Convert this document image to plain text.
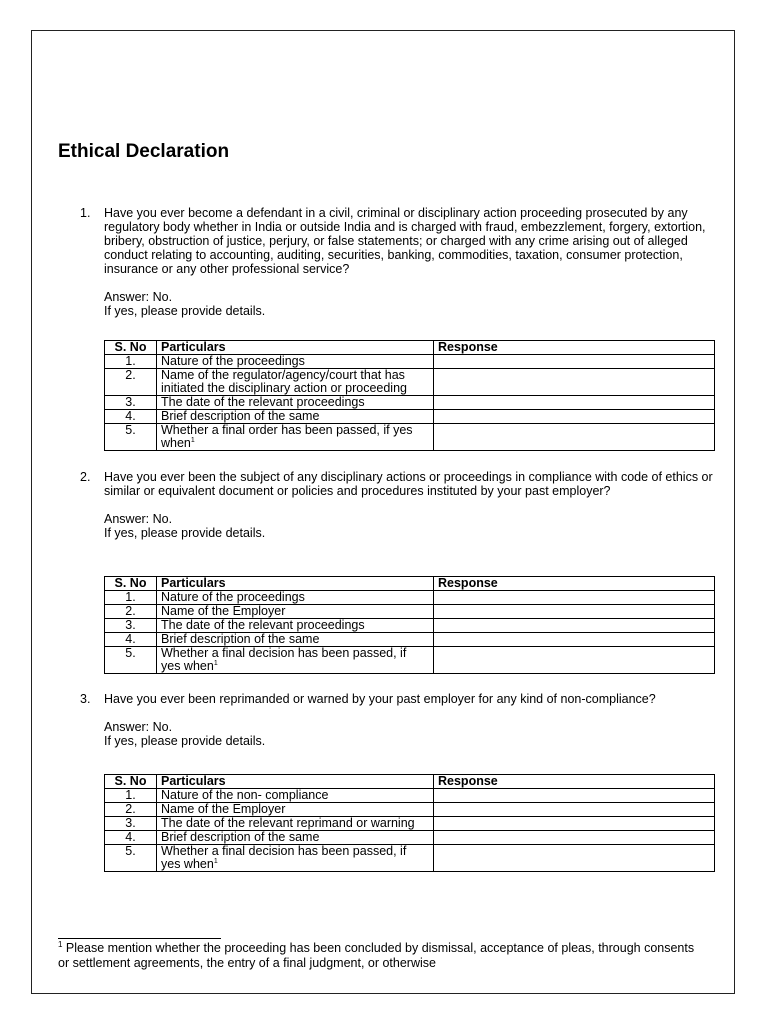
Ethical Declaration
1. Have you ever become a defendant in a civil, criminal or disciplinary action proceeding prosecuted by any regulatory body whether in India or outside India and is charged with fraud, embezzlement, forgery, extortion, bribery, obstruction of justice, perjury, or false statements; or charged with any crime arising out of alleged conduct relating to accounting, auditing, securities, banking, commodities, taxation, consumer protection, insurance or any other professional service?
Answer: No.
If yes, please provide details.
S. No	Particulars	Response
1.	Nature of the proceedings	
2.	Name of the regulator/agency/court that has initiated the disciplinary action or proceeding	
3.	The date of the relevant proceedings	
4.	Brief description of the same	
5.	Whether a final order has been passed, if yes when$^1$	
2. Have you ever been the subject of any disciplinary actions or proceedings in compliance with code of ethics or similar or equivalent document or policies and procedures instituted by your past employer?
Answer: No.
If yes, please provide details.
S. No	Particulars	Response
1.	Nature of the proceedings	
2.	Name of the Employer	
3.	The date of the relevant proceedings	
4.	Brief description of the same	
5.	Whether a final decision has been passed, if yes when$^1$	
3. Have you ever been reprimanded or warned by your past employer for any kind of non-compliance?
Answer: No.
If yes, please provide details.
S. No	Particulars	Response
1.	Nature of the non- compliance	
2.	Name of the Employer	
3.	The date of the relevant reprimand or warning	
4.	Brief description of the same	
5.	Whether a final decision has been passed, if yes when$^1$	
$^1$ Please mention whether the proceeding has been concluded by dismissal, acceptance of pleas, through consents or settlement agreements, the entry of a final judgment, or otherwise
